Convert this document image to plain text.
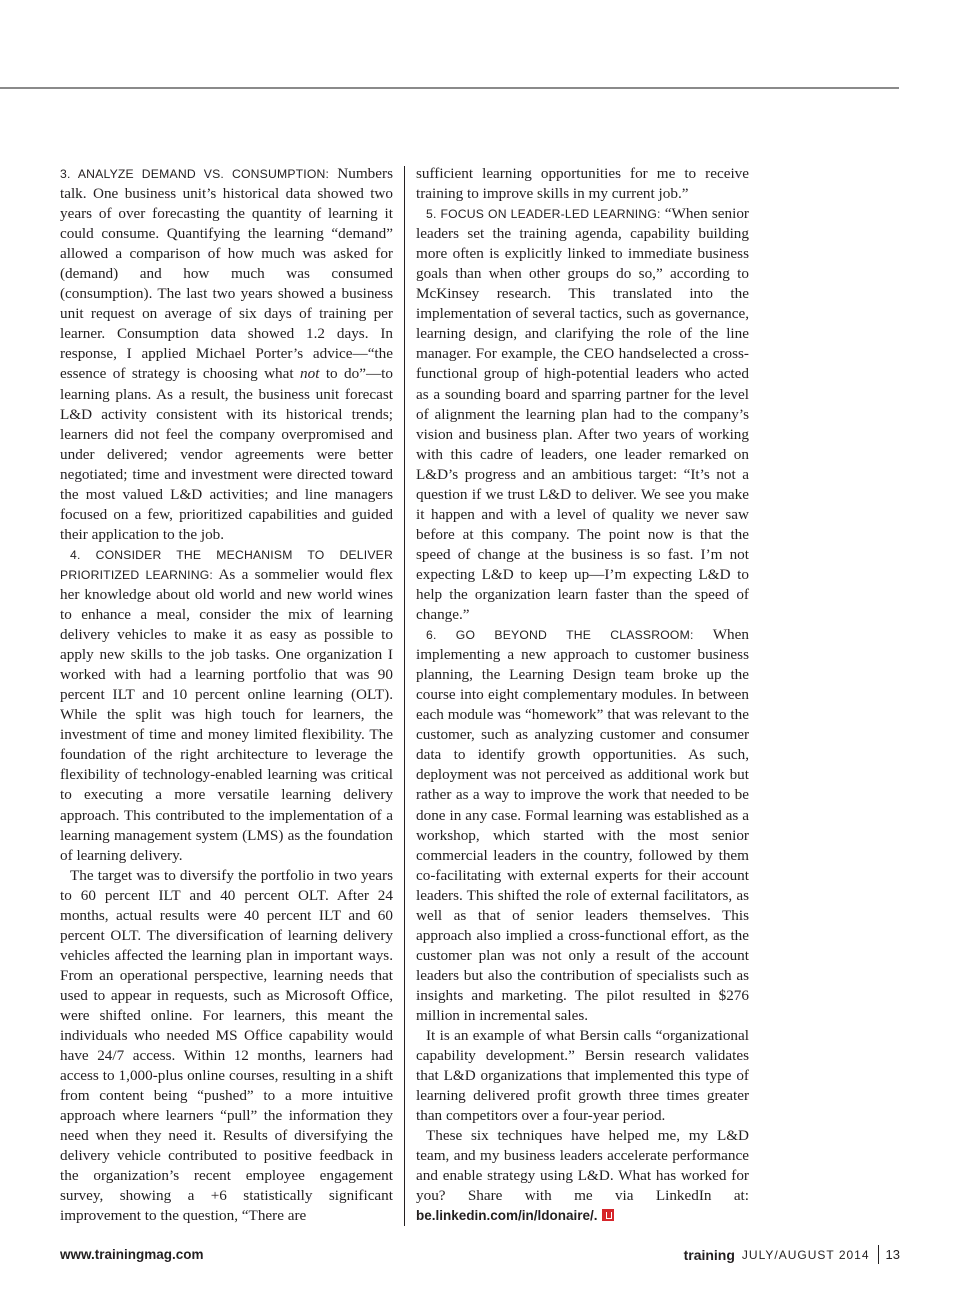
3. ANALYZE DEMAND VS. CONSUMPTION: Numbers talk. One business unit’s historical data showed two years of over forecasting the quantity of learning it could consume. Quantifying the learning “demand” allowed a comparison of how much was asked for (demand) and how much was consumed (consumption). The last two years showed a business unit request on average of six days of training per learner. Consumption data showed 1.2 days. In response, I applied Michael Porter’s advice—“the essence of strategy is choosing what not to do”—to learning plans. As a result, the business unit forecast L&D activity consistent with its historical trends; learners did not feel the company overpromised and under delivered; vendor agreements were better negotiated; time and investment were directed toward the most valued L&D activities; and line managers focused on a few, prioritized capabilities and guided their application to the job.

4. CONSIDER THE MECHANISM TO DELIVER PRIORITIZED LEARNING: As a sommelier would flex her knowledge about old world and new world wines to enhance a meal, consider the mix of learning delivery vehicles to make it as easy as possible to apply new skills to the job tasks. One organization I worked with had a learning portfolio that was 90 percent ILT and 10 percent online learning (OLT). While the split was high touch for learners, the investment of time and money limited flexibility. The foundation of the right architecture to leverage the flexibility of technology-enabled learning was critical to executing a more versatile learning delivery approach. This contributed to the implementation of a learning management system (LMS) as the foundation of learning delivery.

The target was to diversify the portfolio in two years to 60 percent ILT and 40 percent OLT. After 24 months, actual results were 40 percent ILT and 60 percent OLT. The diversification of learning delivery vehicles affected the learning plan in important ways. From an operational perspective, learning needs that used to appear in requests, such as Microsoft Office, were shifted online. For learners, this meant the individuals who needed MS Office capability would have 24/7 access. Within 12 months, learners had access to 1,000-plus online courses, resulting in a shift from content being “pushed” to a more intuitive approach where learners “pull” the information they need when they need it. Results of diversifying the delivery vehicle contributed to positive feedback in the organization’s recent employee engagement survey, showing a +6 statistically significant improvement to the question, “There are

sufficient learning opportunities for me to receive training to improve skills in my current job.”

5. FOCUS ON LEADER-LED LEARNING: “When senior leaders set the training agenda, capability building more often is explicitly linked to immediate business goals than when other groups do so,” according to McKinsey research. This translated into the implementation of several tactics, such as governance, learning design, and clarifying the role of the line manager. For example, the CEO handselected a cross-functional group of high-potential leaders who acted as a sounding board and sparring partner for the level of alignment the learning plan had to the company’s vision and business plan. After two years of working with this cadre of leaders, one leader remarked on L&D’s progress and an ambitious target: “It’s not a question if we trust L&D to deliver. We see you make it happen and with a level of quality we never saw before at this company. The point now is that the speed of change at the business is so fast. I’m not expecting L&D to keep up—I’m expecting L&D to help the organization learn faster than the speed of change.”

6. GO BEYOND THE CLASSROOM: When implementing a new approach to customer business planning, the Learning Design team broke up the course into eight complementary modules. In between each module was “homework” that was relevant to the customer, such as analyzing customer and consumer data to identify growth opportunities. As such, deployment was not perceived as additional work but rather as a way to improve the work that needed to be done in any case. Formal learning was established as a workshop, which started with the most senior commercial leaders in the country, followed by them co-facilitating with external experts for their account leaders. This shifted the role of external facilitators, as well as that of senior leaders themselves. This approach also implied a cross-functional effort, as the customer plan was not only a result of the account leaders but also the contribution of specialists such as insights and marketing. The pilot resulted in $276 million in incremental sales.

It is an example of what Bersin calls “organizational capability development.” Bersin research validates that L&D organizations that implemented this type of learning delivered profit growth three times greater than competitors over a four-year period.

These six techniques have helped me, my L&D team, and my business leaders accelerate performance and enable strategy using L&D. What has worked for you? Share with me via LinkedIn at: be.linkedin.com/in/ldonaire/.

www.trainingmag.com	training JULY/AUGUST 2014 13
